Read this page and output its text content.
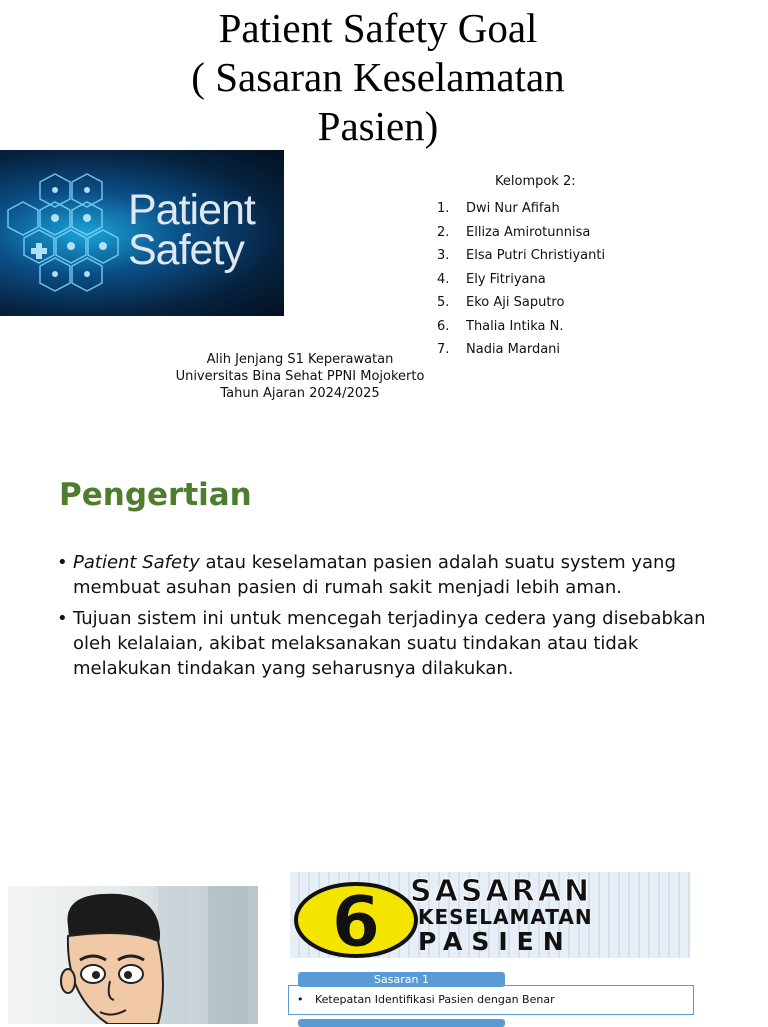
Patient Safety Goal
( Sasaran Keselamatan
Pasien)
Patient
Safety
Kelompok 2:
1. Dwi Nur Afifah
2. Elliza Amirotunnisa
3. Elsa Putri Christiyanti
4. Ely Fitriyana
5. Eko Aji Saputro
6. Thalia Intika N.
7. Nadia Mardani
Alih Jenjang S1 Keperawatan
Universitas Bina Sehat PPNI Mojokerto
Tahun Ajaran 2024/2025
Pengertian
• Patient Safety atau keselamatan pasien adalah suatu system yang membuat asuhan pasien di rumah sakit menjadi lebih aman.
• Tujuan sistem ini untuk mencegah terjadinya cedera yang disebabkan oleh kelalaian, akibat melaksanakan suatu tindakan atau tidak melakukan tindakan yang seharusnya dilakukan.
6 SASARAN
KESELAMATAN
PASIEN
• Ketepatan Identifikasi Pasien dengan Benar
Sasaran 1
